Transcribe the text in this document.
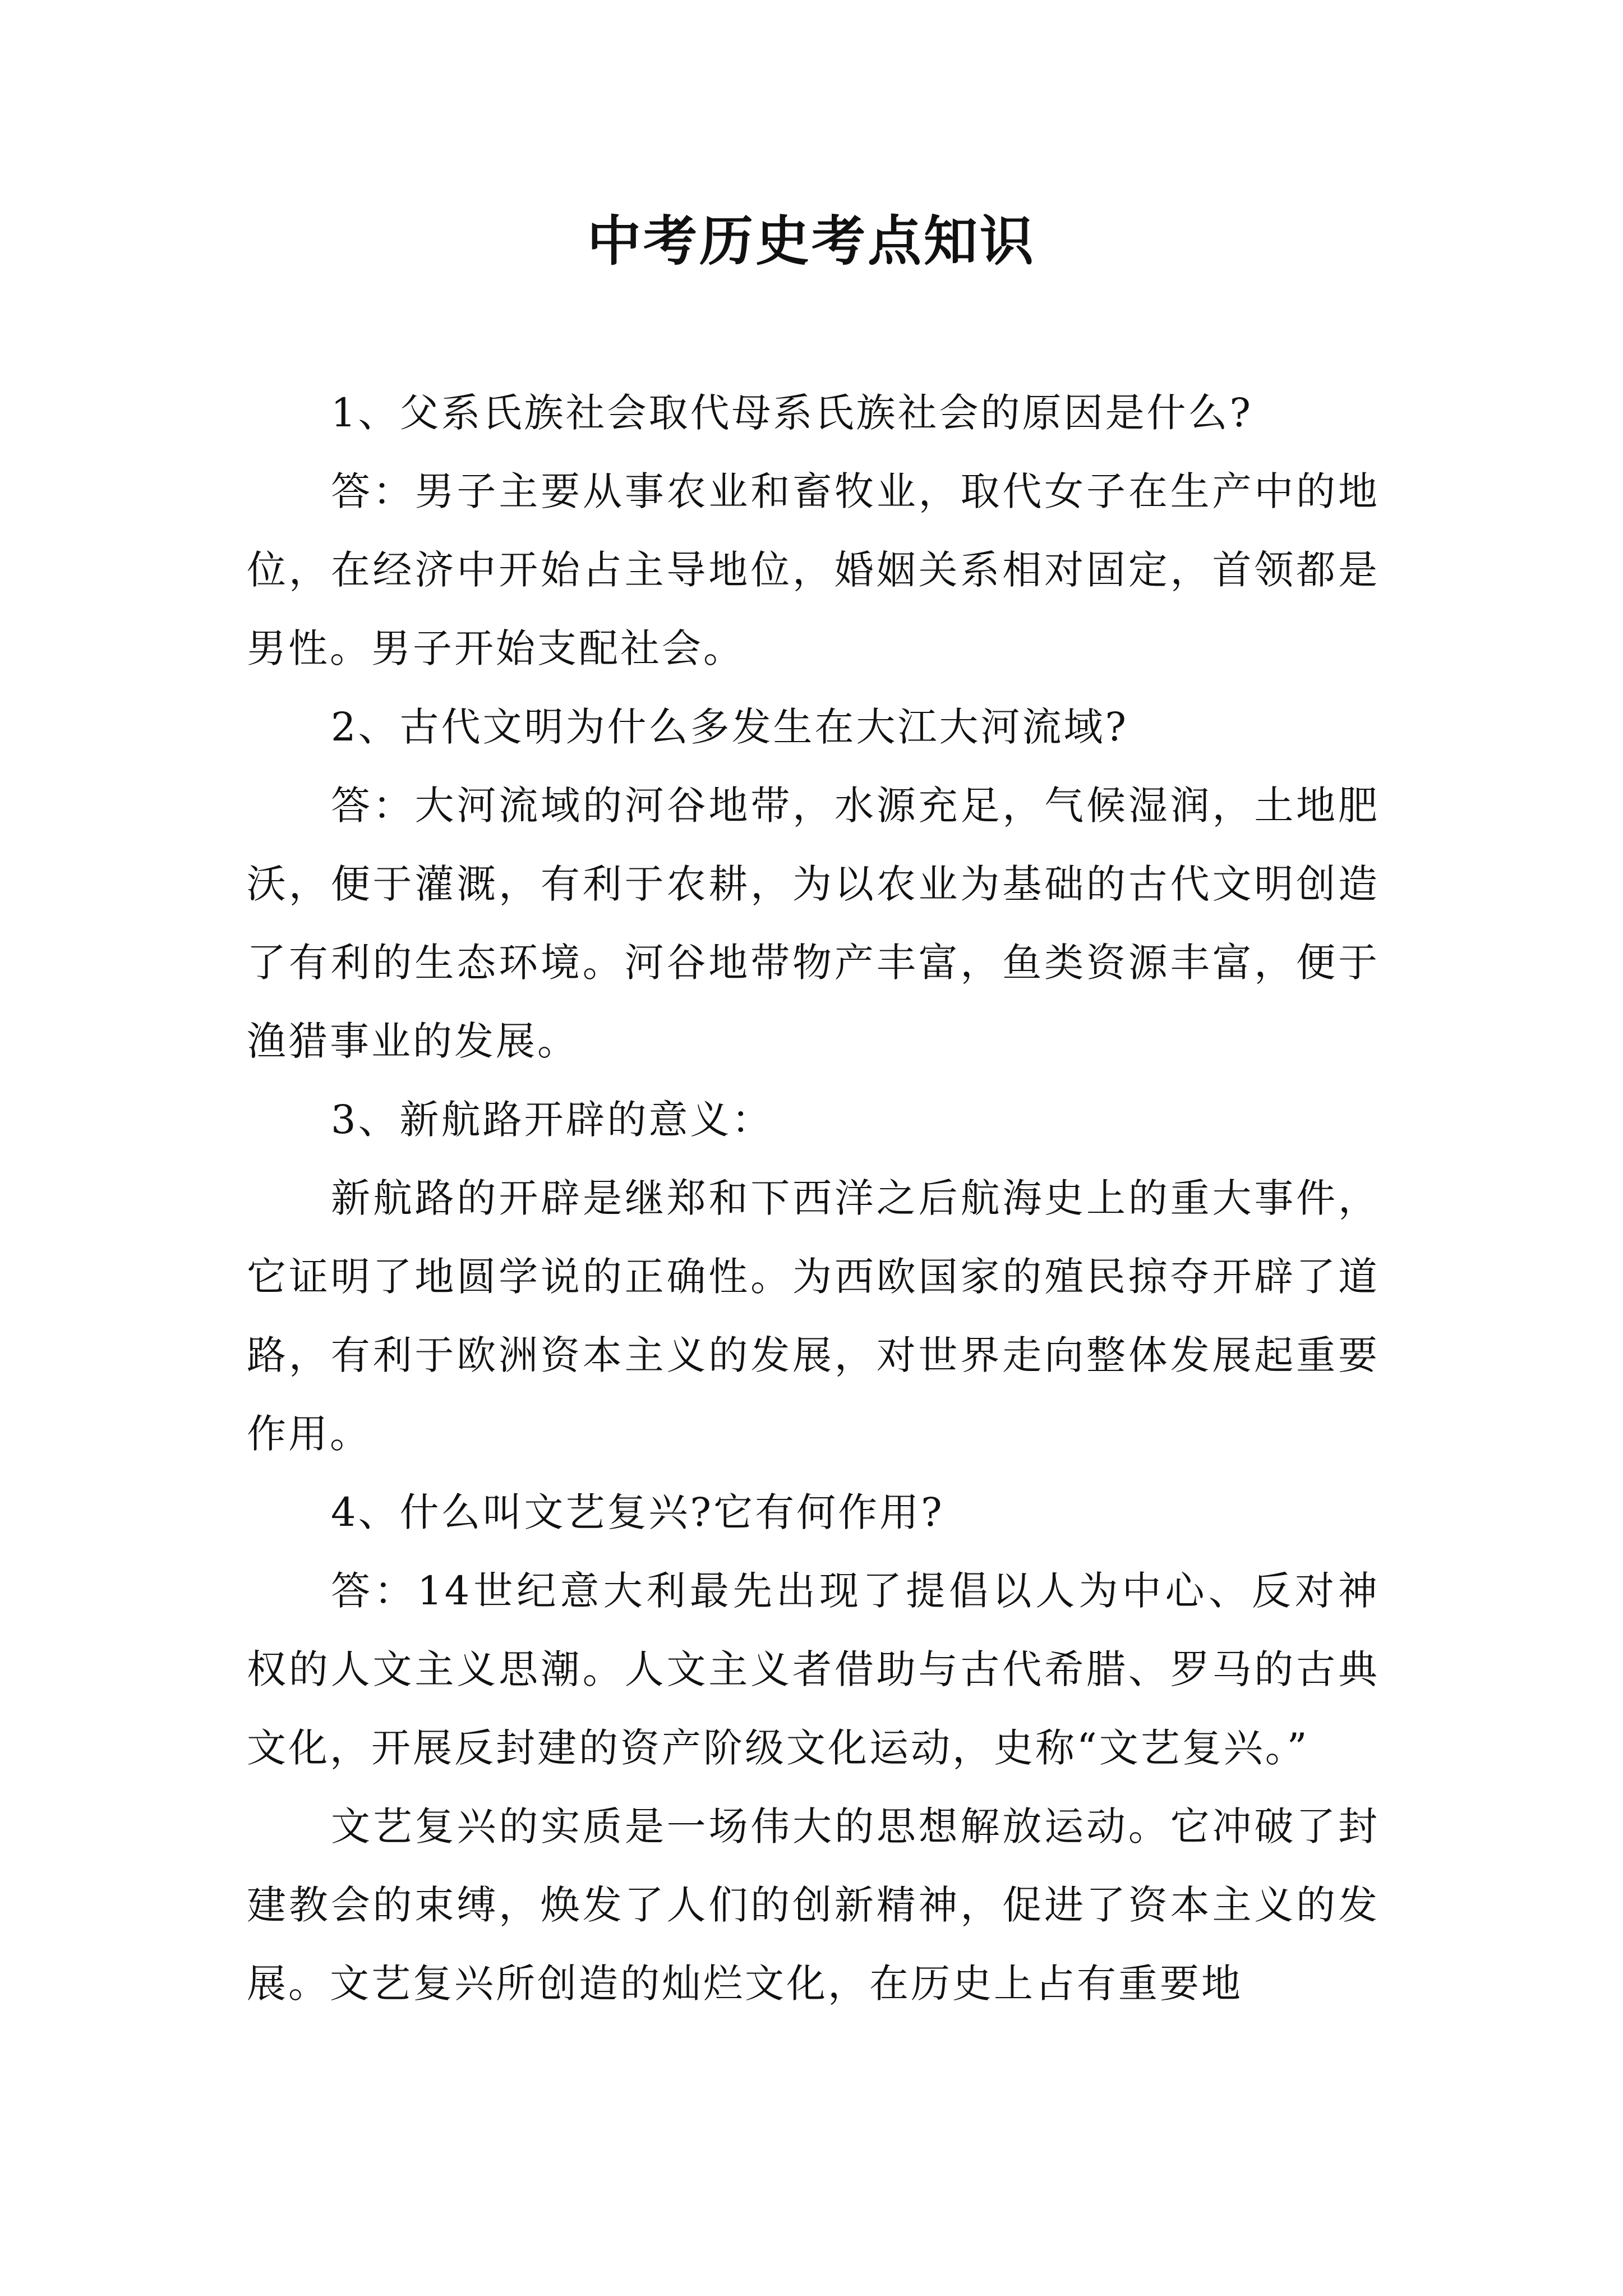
中考历史考点知识

1、父系氏族社会取代母系氏族社会的原因是什么?

答：男子主要从事农业和畜牧业，取代女子在生产中的地位，在经济中开始占主导地位，婚姻关系相对固定，首领都是男性。男子开始支配社会。

2、古代文明为什么多发生在大江大河流域?

答：大河流域的河谷地带，水源充足，气候湿润，土地肥沃，便于灌溉，有利于农耕，为以农业为基础的古代文明创造了有利的生态环境。河谷地带物产丰富，鱼类资源丰富，便于渔猎事业的发展。

3、新航路开辟的意义：

新航路的开辟是继郑和下西洋之后航海史上的重大事件，它证明了地圆学说的正确性。为西欧国家的殖民掠夺开辟了道路，有利于欧洲资本主义的发展，对世界走向整体发展起重要作用。

4、什么叫文艺复兴?它有何作用?

答：14世纪意大利最先出现了提倡以人为中心、反对神权的人文主义思潮。人文主义者借助与古代希腊、罗马的古典文化，开展反封建的资产阶级文化运动，史称“文艺复兴。”

文艺复兴的实质是一场伟大的思想解放运动。它冲破了封建教会的束缚，焕发了人们的创新精神，促进了资本主义的发展。文艺复兴所创造的灿烂文化，在历史上占有重要地
